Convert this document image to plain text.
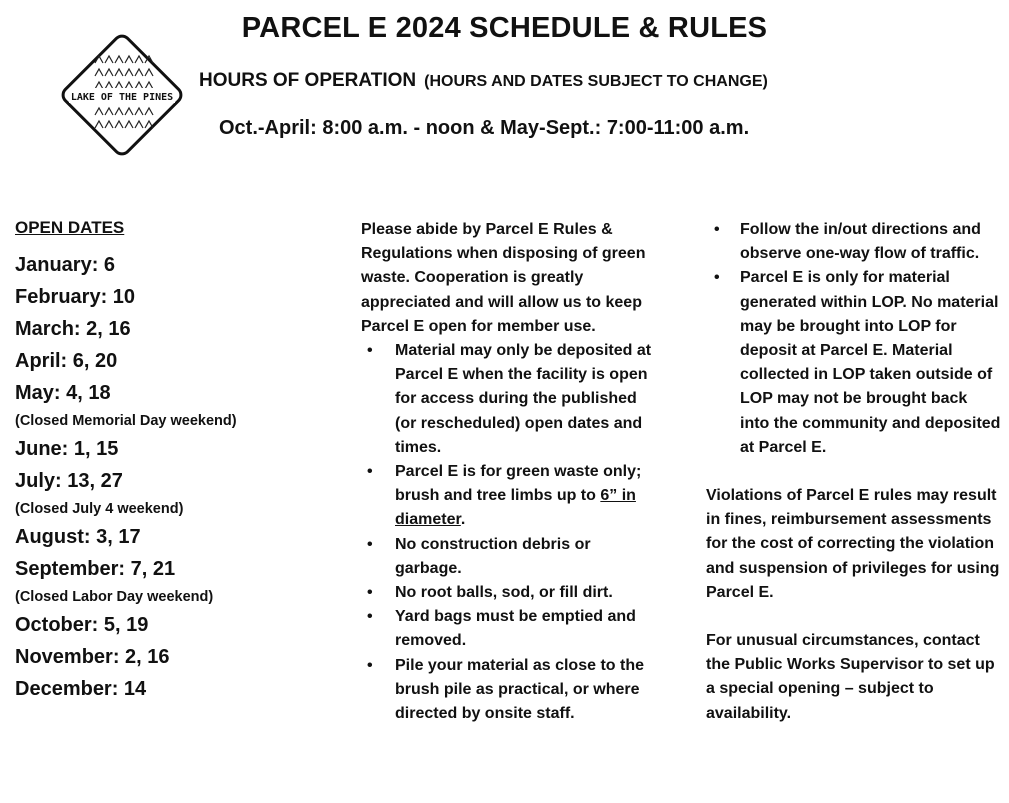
PARCEL E 2024 SCHEDULE & RULES
LAKE OF THE PINES
HOURS OF OPERATION (HOURS AND DATES SUBJECT TO CHANGE)
Oct.-April: 8:00 a.m. - noon & May-Sept.: 7:00-11:00 a.m.
OPEN DATES
January: 6
February: 10
March: 2, 16
April: 6, 20
May: 4, 18
(Closed Memorial Day weekend)
June: 1, 15
July: 13, 27
(Closed July 4 weekend)
August: 3, 17
September: 7, 21
(Closed Labor Day weekend)
October: 5, 19
November: 2, 16
December: 14
Please abide by Parcel E Rules & Regulations when disposing of green waste. Cooperation is greatly appreciated and will allow us to keep Parcel E open for member use.
• Material may only be deposited at Parcel E when the facility is open for access during the published (or rescheduled) open dates and times.
• Parcel E is for green waste only; brush and tree limbs up to 6” in diameter.
• No construction debris or garbage.
• No root balls, sod, or fill dirt.
• Yard bags must be emptied and removed.
• Pile your material as close to the brush pile as practical, or where directed by onsite staff.
• Follow the in/out directions and observe one-way flow of traffic.
• Parcel E is only for material generated within LOP. No material may be brought into LOP for deposit at Parcel E. Material collected in LOP taken outside of LOP may not be brought back into the community and deposited at Parcel E.
Violations of Parcel E rules may result in fines, reimbursement assessments for the cost of correcting the violation and suspension of privileges for using Parcel E.
For unusual circumstances, contact the Public Works Supervisor to set up a special opening – subject to availability.
